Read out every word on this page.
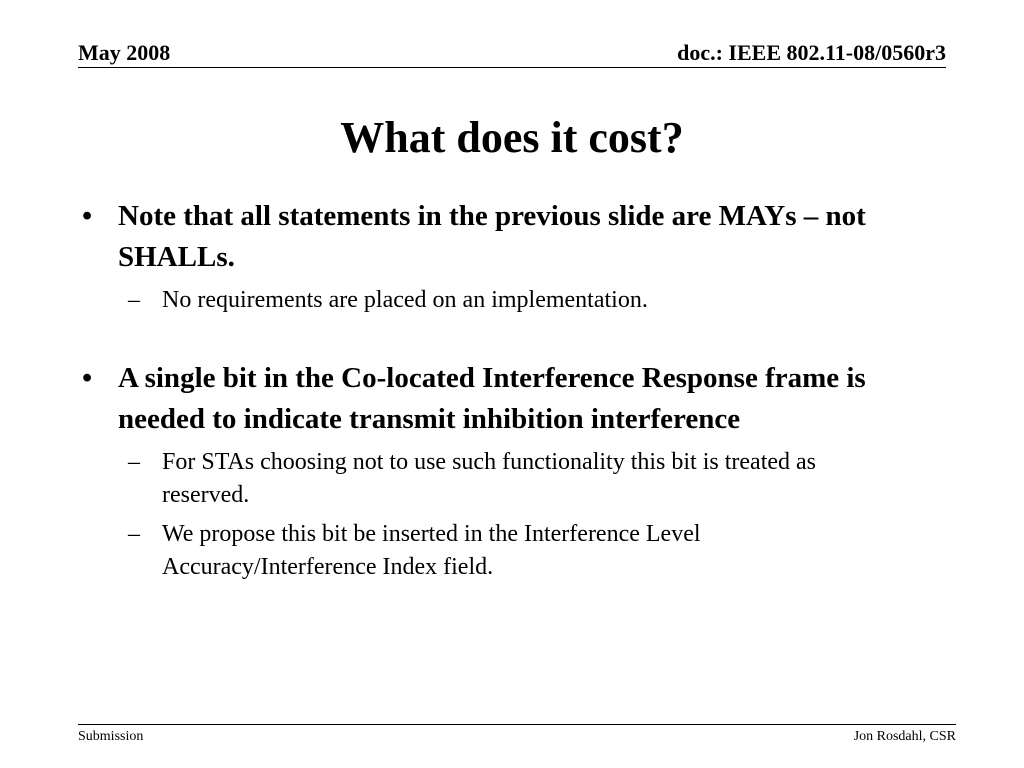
May 2008	doc.: IEEE 802.11-08/0560r3
What does it cost?
• Note that all statements in the previous slide are MAYs – not SHALLs.
– No requirements are placed on an implementation.
• A single bit in the Co-located Interference Response frame is needed to indicate transmit inhibition interference
– For STAs choosing not to use such functionality this bit is treated as reserved.
– We propose this bit be inserted in the Interference Level Accuracy/Interference Index field.
Submission	Jon Rosdahl, CSR
